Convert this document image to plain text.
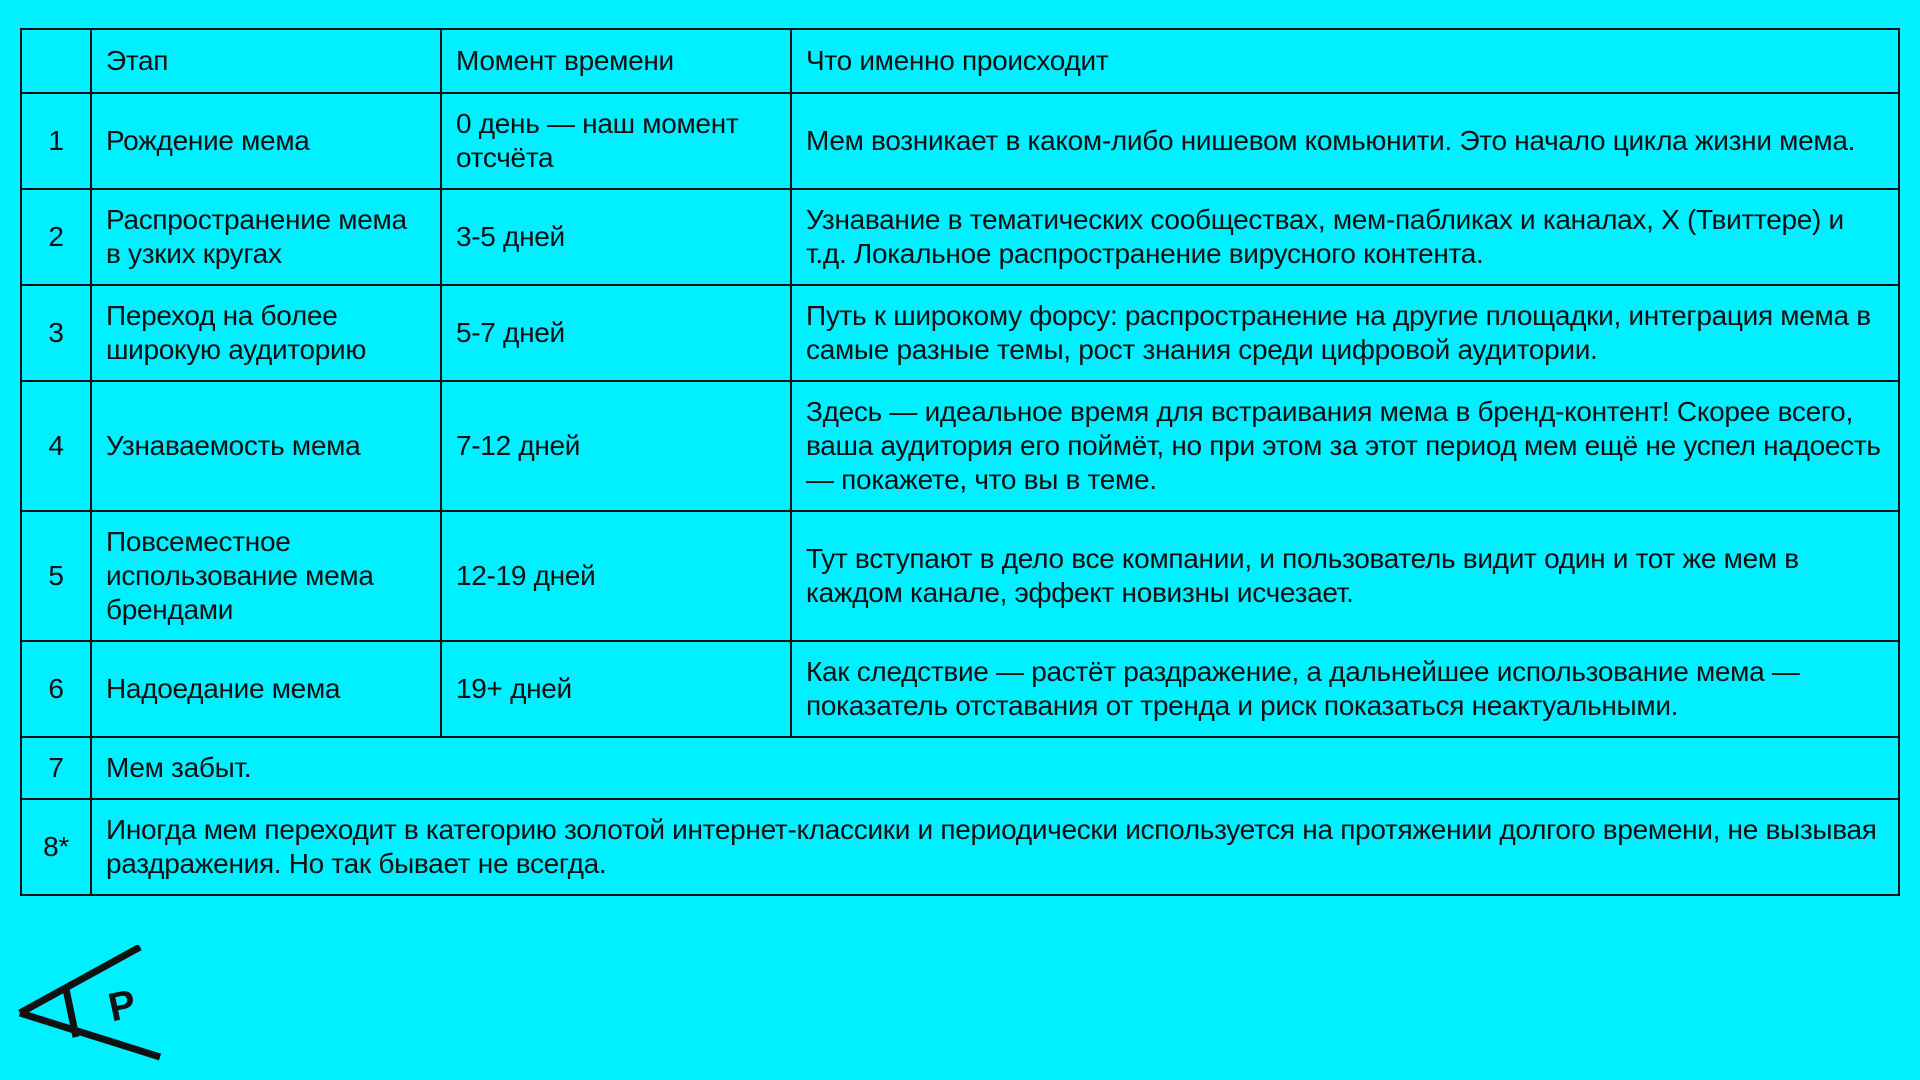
	Этап	Момент времени	Что именно происходит
1	Рождение мема	0 день — наш момент отсчёта	Мем возникает в каком-либо нишевом комьюнити. Это начало цикла жизни мема.
2	Распространение мема в узких кругах	3-5 дней	Узнавание в тематических сообществах, мем-пабликах и каналах, X (Твиттере) и т.д. Локальное распространение вирусного контента.
3	Переход на более широкую аудиторию	5-7 дней	Путь к широкому форсу: распространение на другие площадки, интеграция мема в самые разные темы, рост знания среди цифровой аудитории.
4	Узнаваемость мема	7-12 дней	Здесь — идеальное время для встраивания мема в бренд-контент! Скорее всего, ваша аудитория его поймёт, но при этом за этот период мем ещё не успел надоесть — покажете, что вы в теме.
5	Повсеместное использование мема брендами	12-19 дней	Тут вступают в дело все компании, и пользователь видит один и тот же мем в каждом канале, эффект новизны исчезает.
6	Надоедание мема	19+ дней	Как следствие — растёт раздражение, а дальнейшее использование мема — показатель отставания от тренда и риск показаться неактуальными.
7	Мем забыт.		
8*	Иногда мем переходит в категорию золотой интернет-классики и периодически используется на протяжении долгого времени, не вызывая раздражения. Но так бывает не всегда.		
P
